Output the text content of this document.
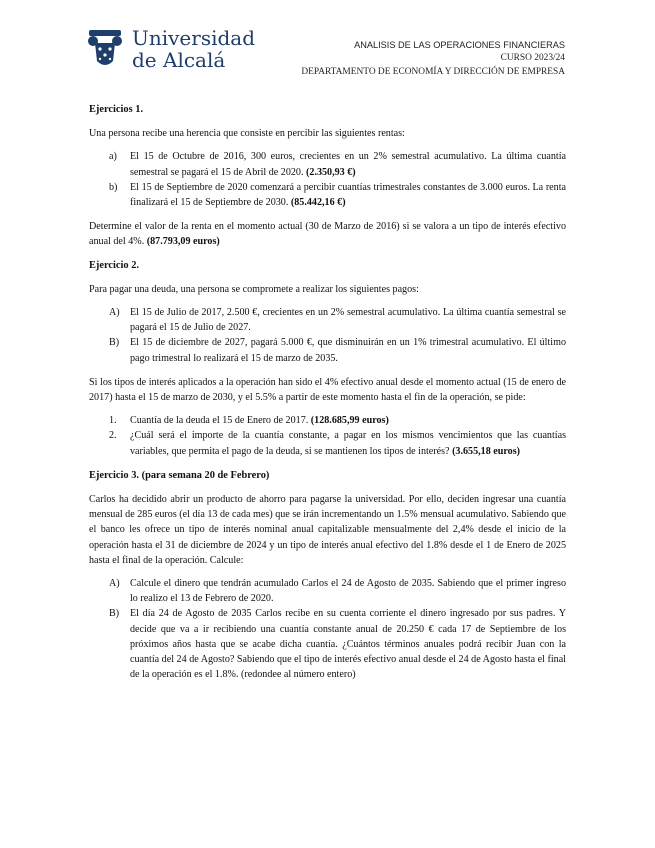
Universidad
de Alcalá
ANALISIS DE LAS OPERACIONES FINANCIERAS
CURSO 2023/24
DEPARTAMENTO DE ECONOMÍA Y DIRECCIÓN DE EMPRESA
Ejercicios 1.

Una persona recibe una herencia que consiste en percibir las siguientes rentas:

a) El 15 de Octubre de 2016, 300 euros, crecientes en un 2% semestral acumulativo. La última cuantía semestral se pagará el 15 de Abril de 2020. (2.350,93 €)
b) El 15 de Septiembre de 2020 comenzará a percibir cuantías trimestrales constantes de 3.000 euros. La renta finalizará el 15 de Septiembre de 2030. (85.442,16 €)

Determine el valor de la renta en el momento actual (30 de Marzo de 2016) si se valora a un tipo de interés efectivo anual del 4%. (87.793,09 euros)

Ejercicio 2.

Para pagar una deuda, una persona se compromete a realizar los siguientes pagos:

A) El 15 de Julio de 2017, 2.500 €, crecientes en un 2% semestral acumulativo. La última cuantía semestral se pagará el 15 de Julio de 2027.
B) El 15 de diciembre de 2027, pagará 5.000 €, que disminuirán en un 1% trimestral acumulativo. El último pago trimestral lo realizará el 15 de marzo de 2035.

Si los tipos de interés aplicados a la operación han sido el 4% efectivo anual desde el momento actual (15 de enero de 2017) hasta el 15 de marzo de 2030, y el 5.5% a partir de este momento hasta el fin de la operación, se pide:

1. Cuantía de la deuda el 15 de Enero de 2017. (128.685,99 euros)
2. ¿Cuál será el importe de la cuantía constante, a pagar en los mismos vencimientos que las cuantías variables, que permita el pago de la deuda, si se mantienen los tipos de interés? (3.655,18 euros)
Ejercicio 3. (para semana 20 de Febrero)

Carlos ha decidido abrir un producto de ahorro para pagarse la universidad. Por ello, deciden ingresar una cuantía mensual de 285 euros (el día 13 de cada mes) que se irán incrementando un 1.5% mensual acumulativo. Sabiendo que el banco les ofrece un tipo de interés nominal anual capitalizable mensualmente del 2,4% desde el inicio de la operación hasta el 31 de diciembre de 2024 y un tipo de interés anual efectivo del 1.8% desde el 1 de Enero de 2025 hasta el final de la operación. Calcule:

A) Calcule el dinero que tendrán acumulado Carlos el 24 de Agosto de 2035. Sabiendo que el primer ingreso lo realizo el 13 de Febrero de 2020.
B) El día 24 de Agosto de 2035 Carlos recibe en su cuenta corriente el dinero ingresado por sus padres. Y decide que va a ir recibiendo una cuantía constante anual de 20.250 € cada 17 de Septiembre de los próximos años hasta que se acabe dicha cuantía. ¿Cuántos términos anuales podrá recibir Juan con la cuantía del 24 de Agosto? Sabiendo que el tipo de interés efectivo anual desde el 24 de Agosto hasta el final de la operación es el 1.8%. (redondee al número entero)
